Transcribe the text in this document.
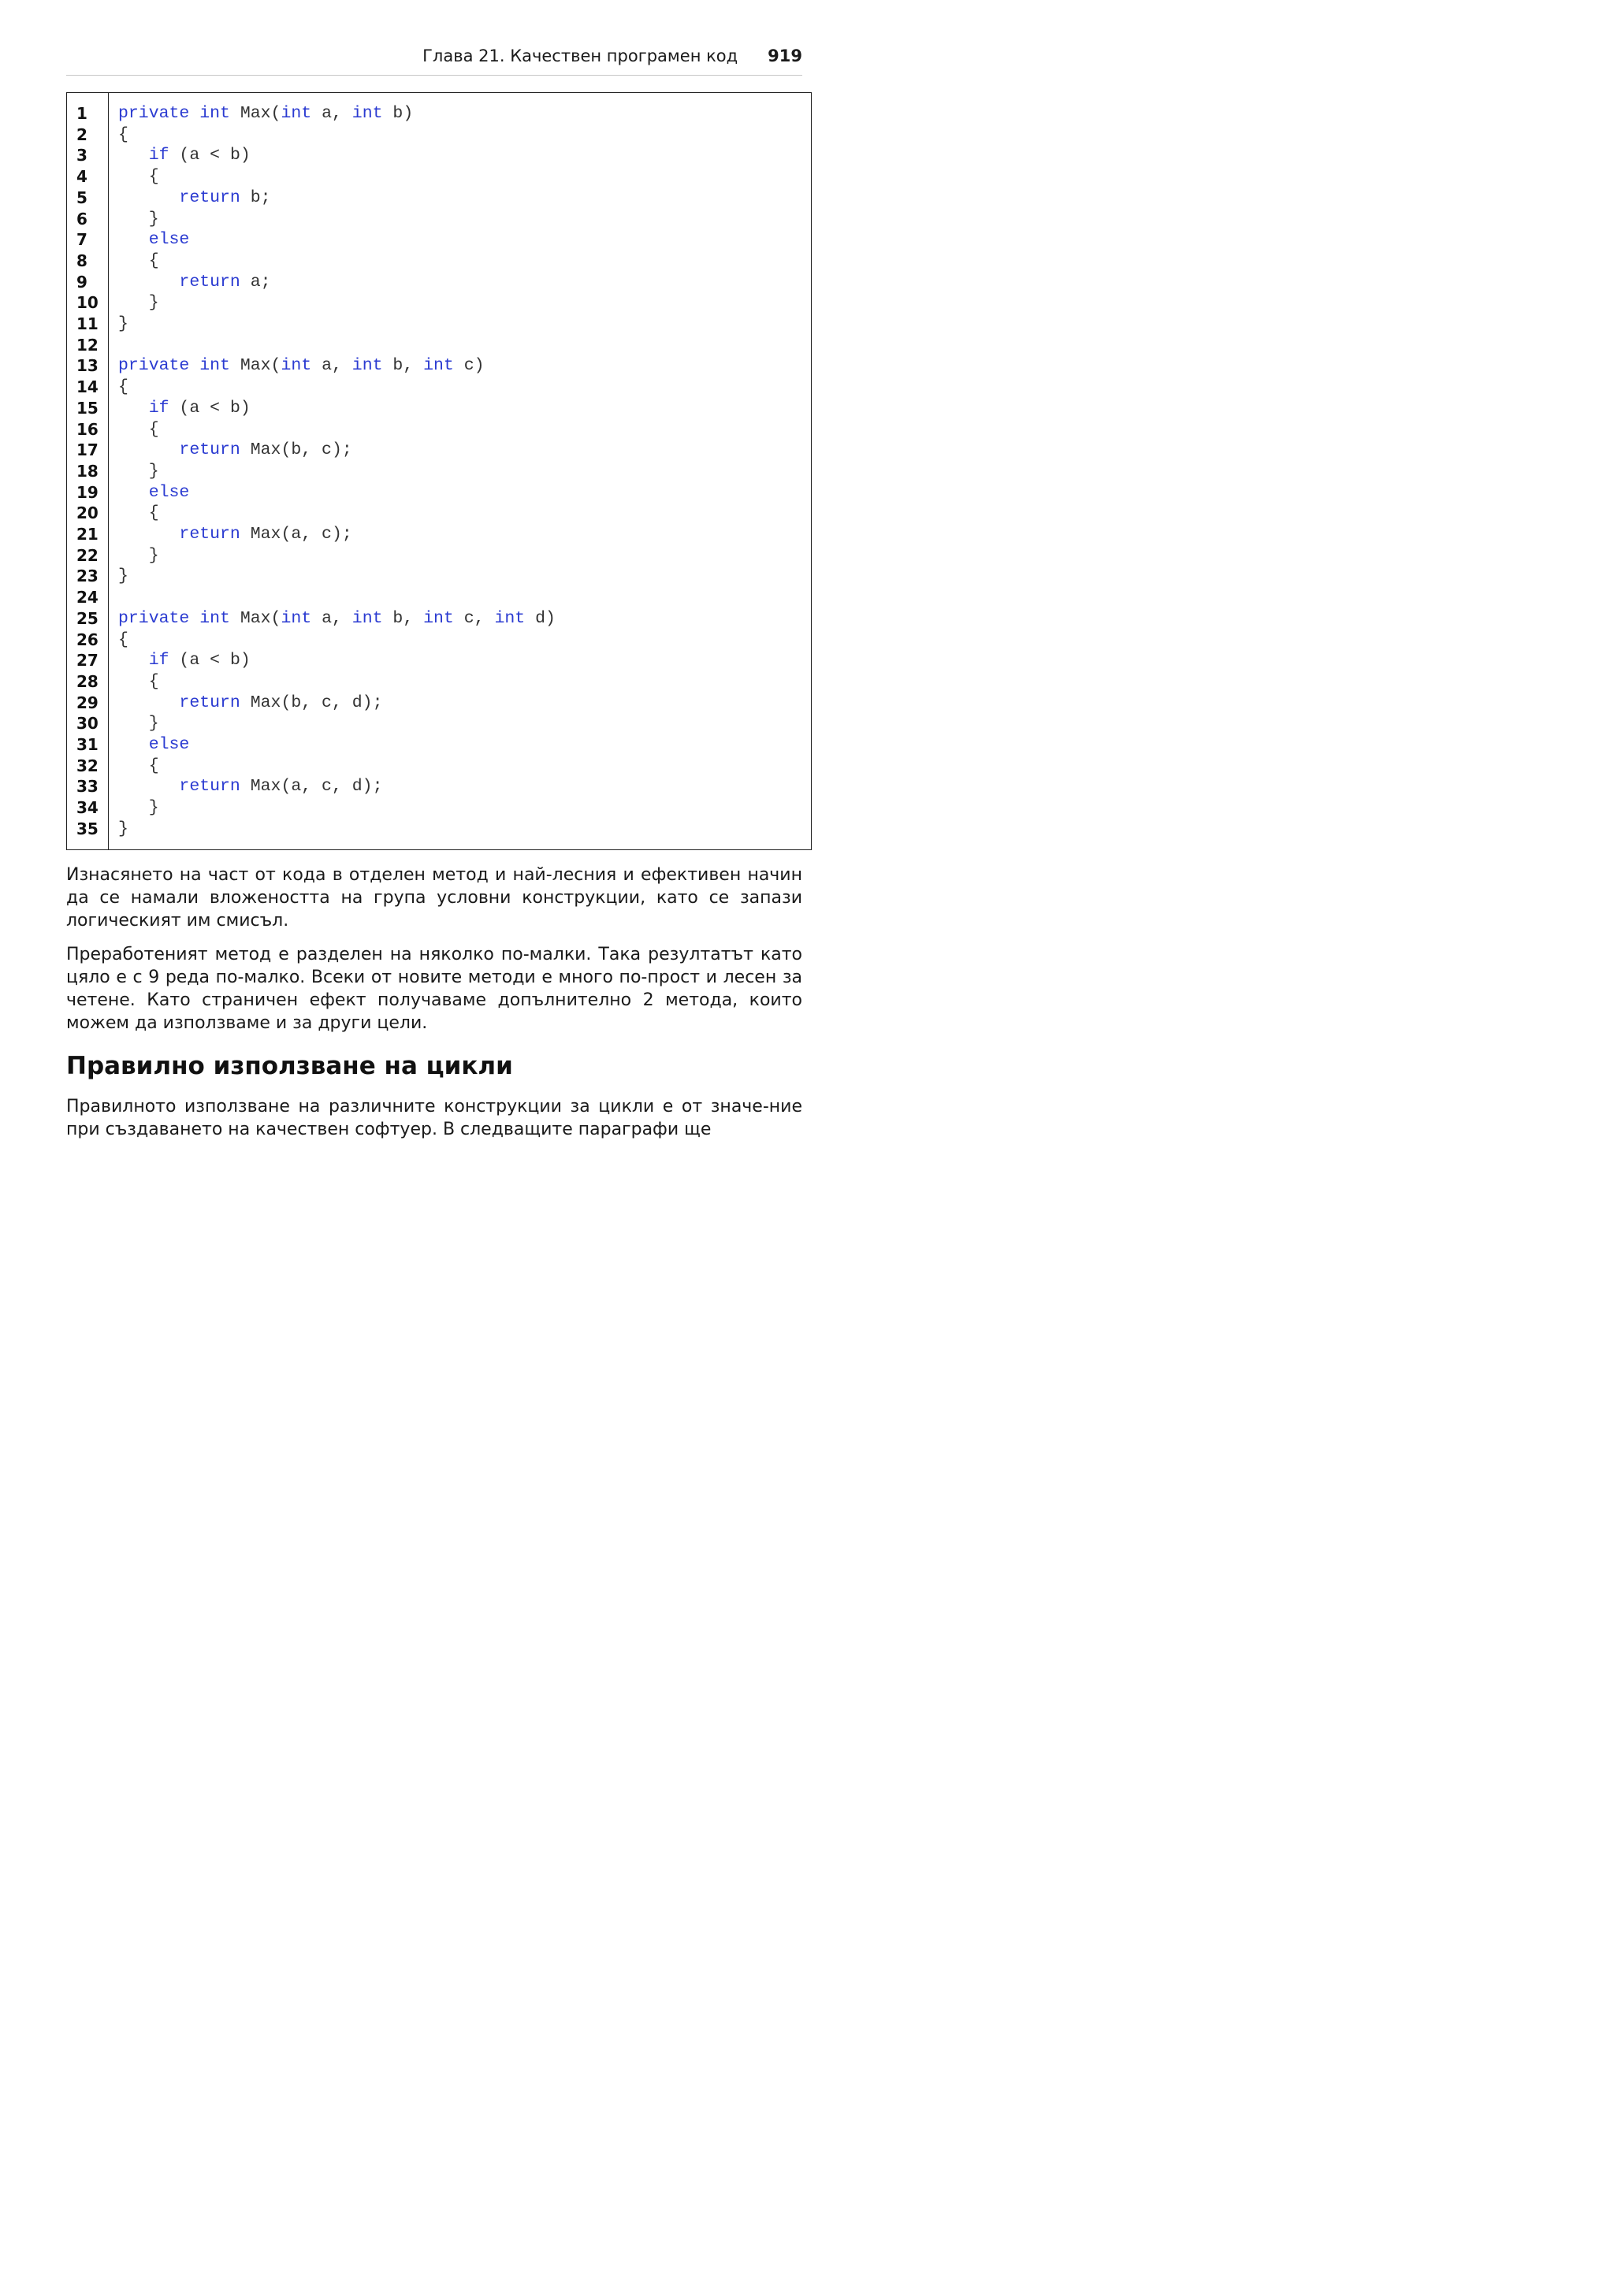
Глава 21. Качествен програмен код 919
1
2
3
4
5
6
7
8
9
10
11
12
13
14
15
16
17
18
19
20
21
22
23
24
25
26
27
28
29
30
31
32
33
34
35
private int Max(int a, int b)
{
if (a < b)
{
return b;
}
else
{
return a;
}
}
private int Max(int a, int b, int c)
{
if (a < b)
{
return Max(b, c);
}
else
{
return Max(a, c);
}
}
private int Max(int a, int b, int c, int d)
{
if (a < b)
{
return Max(b, c, d);
}
else
{
return Max(a, c, d);
}
}

Изнасянето на част от кода в отделен метод и най-лесния и ефективен начин да се намали вложеността на група условни конструкции, като се запази логическият им смисъл.

Преработеният метод е разделен на няколко по-малки. Така резултатът като цяло е с 9 реда по-малко. Всеки от новите методи е много по-прост и лесен за четене. Като страничен ефект получаваме допълнително 2 метода, които можем да използваме и за други цели.

Правилно използване на цикли

Правилното използване на различните конструкции за цикли е от значе-ние при създаването на качествен софтуер. В следващите параграфи ще
